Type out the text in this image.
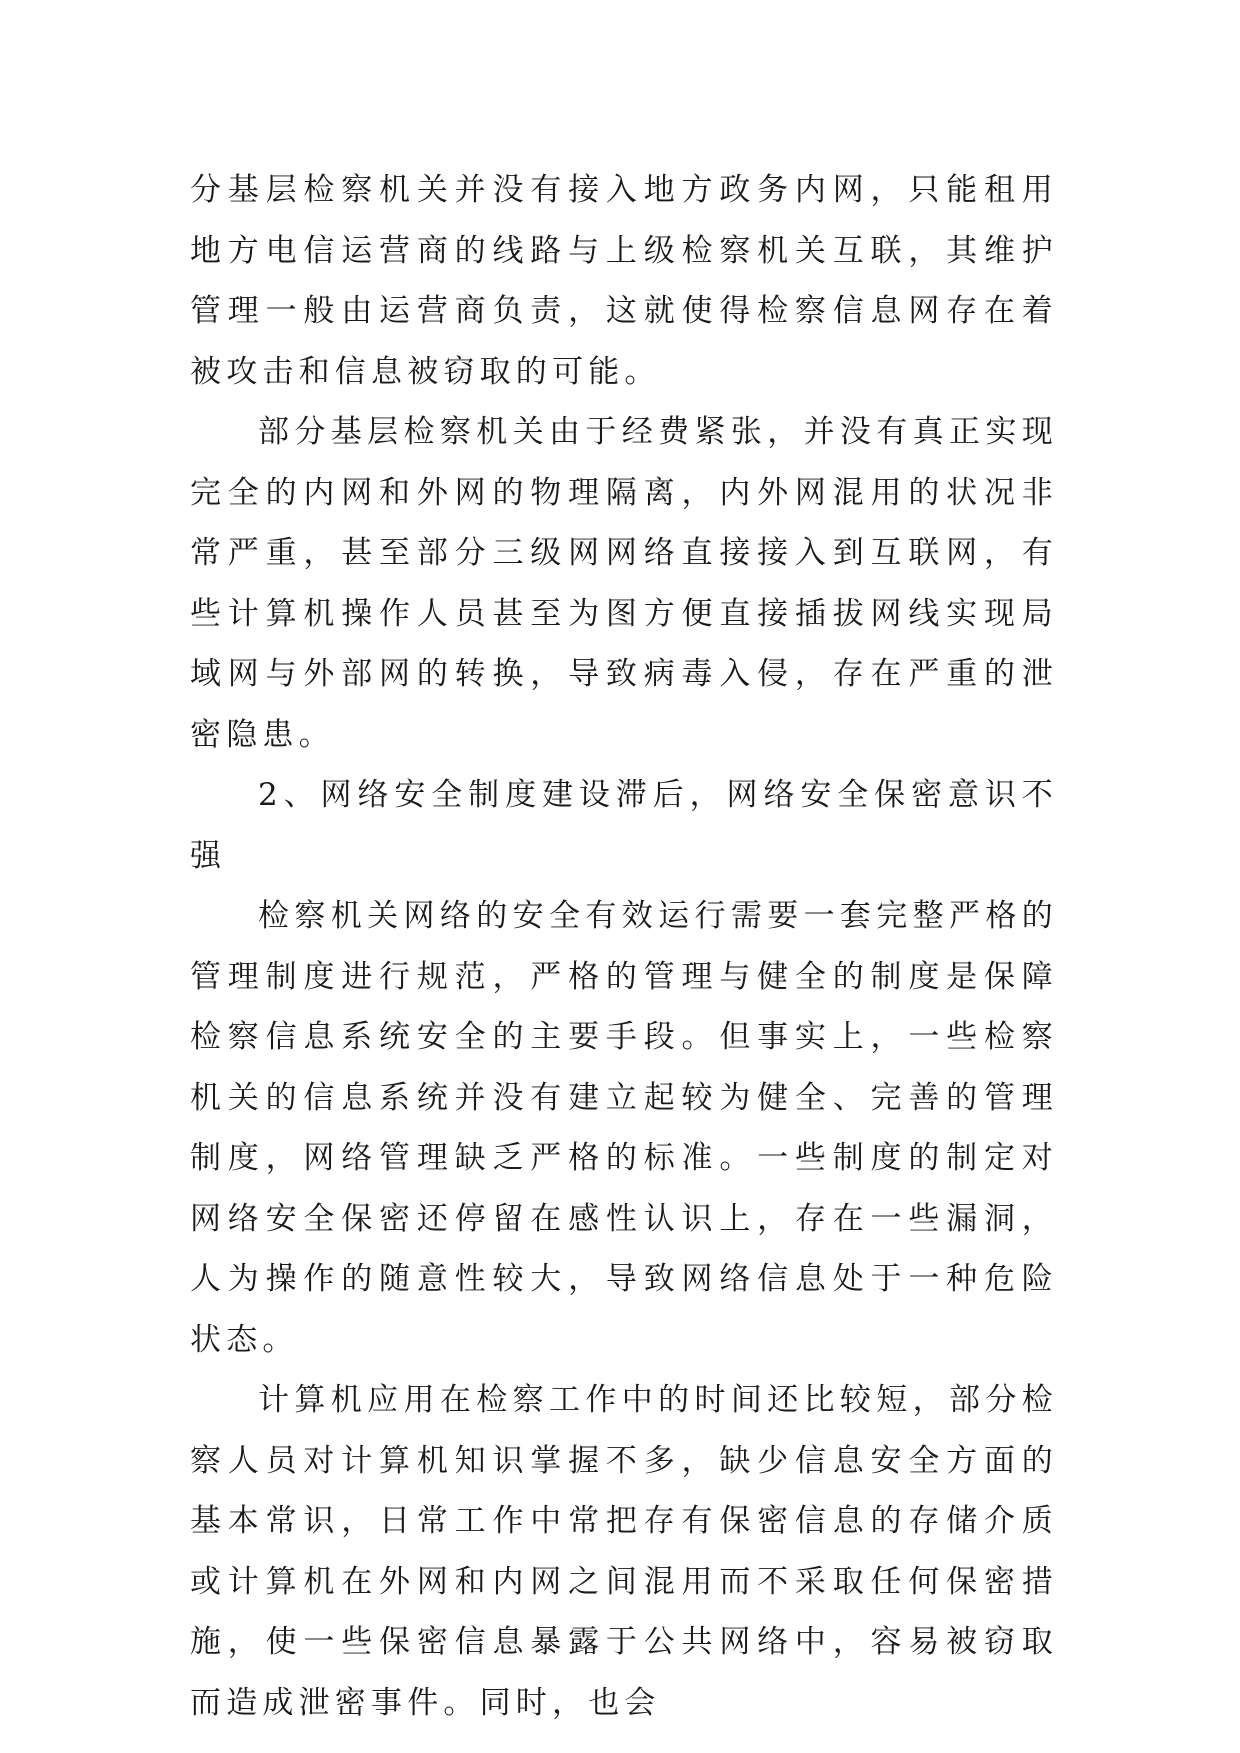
分基层检察机关并没有接入地方政务内网，只能租用地方电信运营商的线路与上级检察机关互联，其维护管理一般由运营商负责，这就使得检察信息网存在着被攻击和信息被窃取的可能。

部分基层检察机关由于经费紧张，并没有真正实现完全的内网和外网的物理隔离，内外网混用的状况非常严重，甚至部分三级网网络直接接入到互联网，有些计算机操作人员甚至为图方便直接插拔网线实现局域网与外部网的转换，导致病毒入侵，存在严重的泄密隐患。

2、网络安全制度建设滞后，网络安全保密意识不强

检察机关网络的安全有效运行需要一套完整严格的管理制度进行规范，严格的管理与健全的制度是保障检察信息系统安全的主要手段。但事实上，一些检察机关的信息系统并没有建立起较为健全、完善的管理制度，网络管理缺乏严格的标准。一些制度的制定对网络安全保密还停留在感性认识上，存在一些漏洞，人为操作的随意性较大，导致网络信息处于一种危险状态。

计算机应用在检察工作中的时间还比较短，部分检察人员对计算机知识掌握不多，缺少信息安全方面的基本常识，日常工作中常把存有保密信息的存储介质或计算机在外网和内网之间混用而不采取任何保密措施，使一些保密信息暴露于公共网络中，容易被窃取而造成泄密事件。同时，也会
